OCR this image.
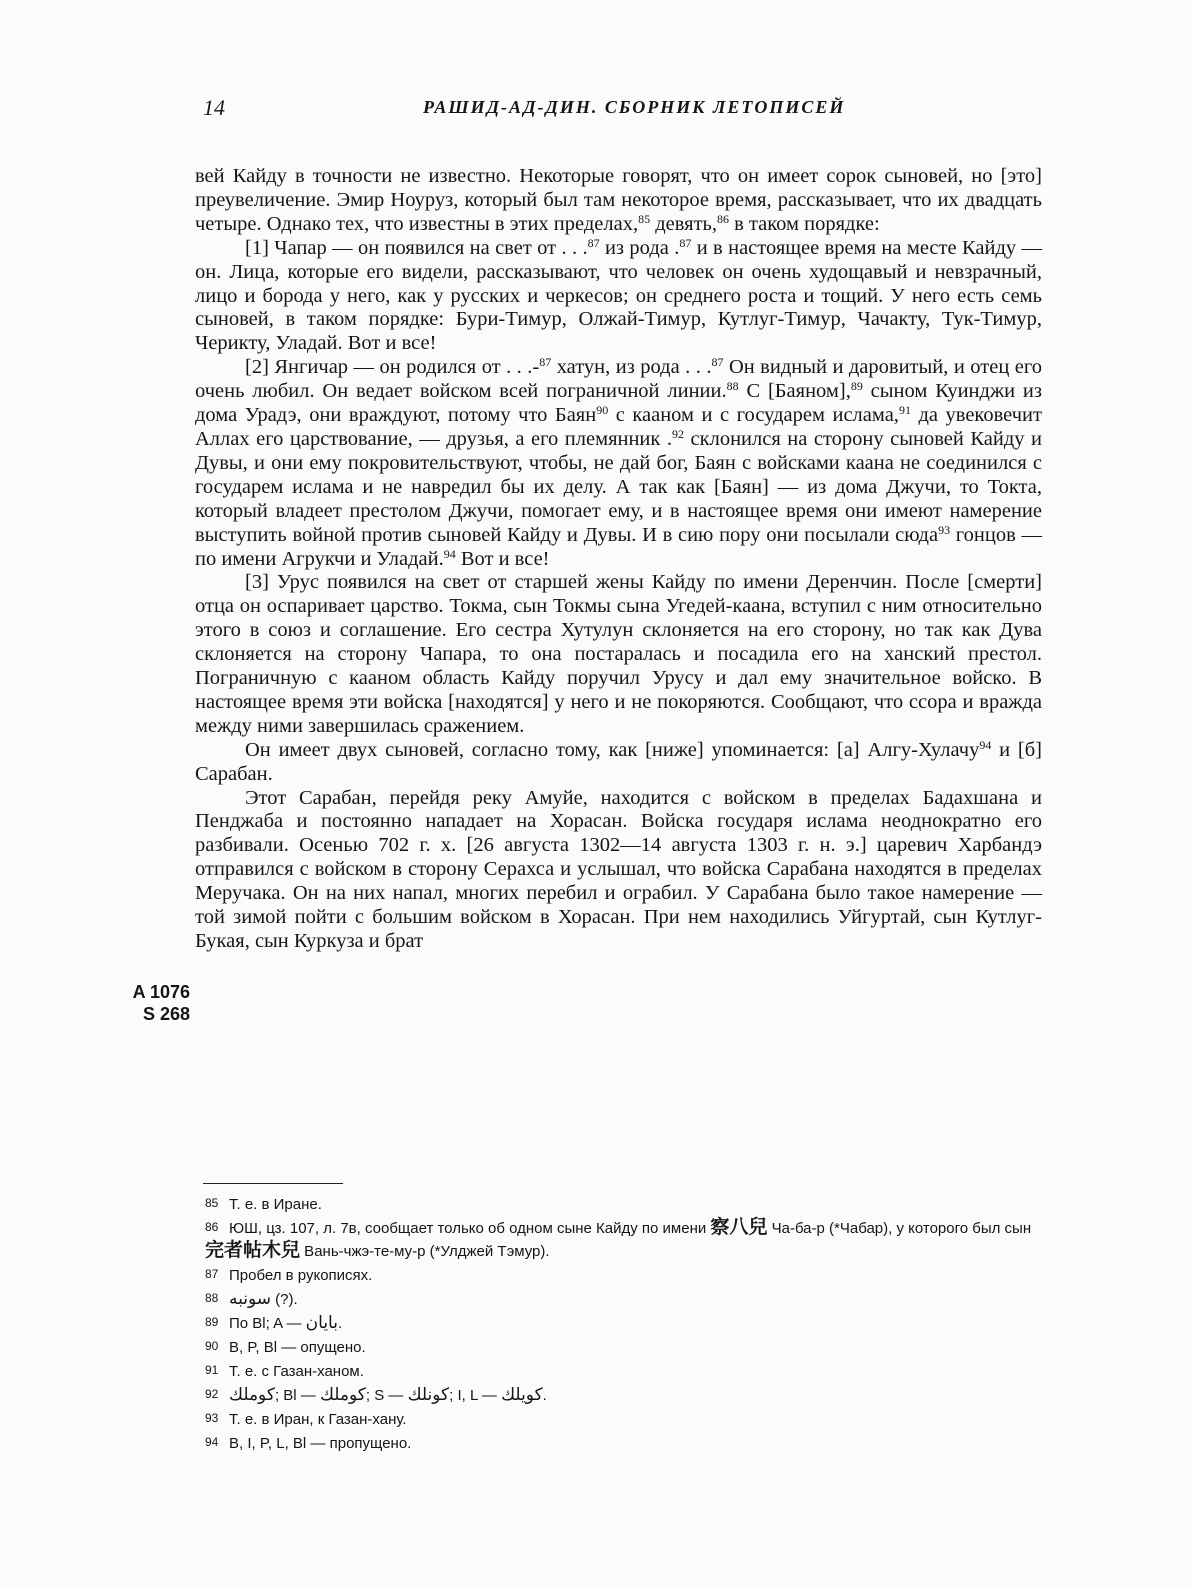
14	РАШИД-АД-ДИН. СБОРНИК ЛЕТОПИСЕЙ
A 1076
S 268

вей Кайду в точности не известно. Некоторые говорят, что он имеет сорок сыновей, но [это] преувеличение. Эмир Ноуруз, который был там некоторое время, рассказывает, что их двадцать четыре. Однако тех, что известны в этих пределах,$^{85}$ девять,$^{86}$ в таком порядке:

[1] Чапар — он появился на свет от . . .$^{87}$ из рода .$^{87}$ и в настоящее время на месте Кайду — он. Лица, которые его видели, рассказывают, что человек он очень худощавый и невзрачный, лицо и борода у него, как у русских и черкесов; он среднего роста и тощий. У него есть семь сыновей, в таком порядке: Бури-Тимур, Олжай-Тимур, Кутлуг-Тимур, Чачакту, Тук-Тимур, Черикту, Уладай. Вот и все!

[2] Янгичар — он родился от . . .-$^{87}$ хатун, из рода . . .$^{87}$ Он видный и даровитый, и отец его очень любил. Он ведает войском всей пограничной линии.$^{88}$ С [Баяном],$^{89}$ сыном Куинджи из дома Урадэ, они враждуют, потому что Баян$^{90}$ с кааном и с государем ислама,$^{91}$ да увековечит Аллах его царствование, — друзья, а его племянник .$^{92}$ склонился на сторону сыновей Кайду и Дувы, и они ему покровительствуют, чтобы, не дай бог, Баян с войсками каана не соединился с государем ислама и не навредил бы их делу. А так как [Баян] — из дома Джучи, то Токта, который владеет престолом Джучи, помогает ему, и в настоящее время они имеют намерение выступить войной против сыновей Кайду и Дувы. И в сию пору они посылали сюда$^{93}$ гонцов — по имени Агрукчи и Уладай.$^{94}$ Вот и все!

[3] Урус появился на свет от старшей жены Кайду по имени Деренчин. После [смерти] отца он оспаривает царство. Токма, сын Токмы сына Угедей-каана, вступил с ним относительно этого в союз и соглашение. Его сестра Хутулун склоняется на его сторону, но так как Дува склоняется на сторону Чапара, то она постаралась и посадила его на ханский престол. Пограничную с кааном область Кайду поручил Урусу и дал ему значительное войско. В настоящее время эти войска [находятся] у него и не покоряются. Сообщают, что ссора и вражда между ними завершилась сражением.

Он имеет двух сыновей, согласно тому, как [ниже] упоминается: [а] Алгу-Хулачу$^{94}$ и [б] Сарабан.

Этот Сарабан, перейдя реку Амуйе, находится с войском в пределах Бадахшана и Пенджаба и постоянно нападает на Хорасан. Войска государя ислама неоднократно его разбивали. Осенью 702 г. х. [26 августа 1302—14 августа 1303 г. н. э.] царевич Харбандэ отправился с войском в сторону Серахса и услышал, что войска Сарабана находятся в пределах Меручака. Он на них напал, многих перебил и ограбил. У Сарабана было такое намерение — той зимой пойти с большим войском в Хорасан. При нем находились Уйгуртай, сын Кутлуг-Букая, сын Куркуза и брат

85 Т. е. в Иране.

86 ЮШ, цз. 107, л. 7в, сообщает только об одном сыне Кайду по имени 察八兒 Ча-ба-р (*Чабар), у которого был сын 完者帖木兒 Вань-чжэ-те-му-р (*Улджей Тэмур).

87 Пробел в рукописях.

88 سونبه (?).

89 По Bl; A — بايان.

90 B, P, Bl — опущено.

91 Т. е. с Газан-ханом.

92 كوملك; Bl — كوملك; S — كونلك; I, L — كويلك.

93 Т. е. в Иран, к Газан-хану.

94 B, I, P, L, Bl — пропущено.
